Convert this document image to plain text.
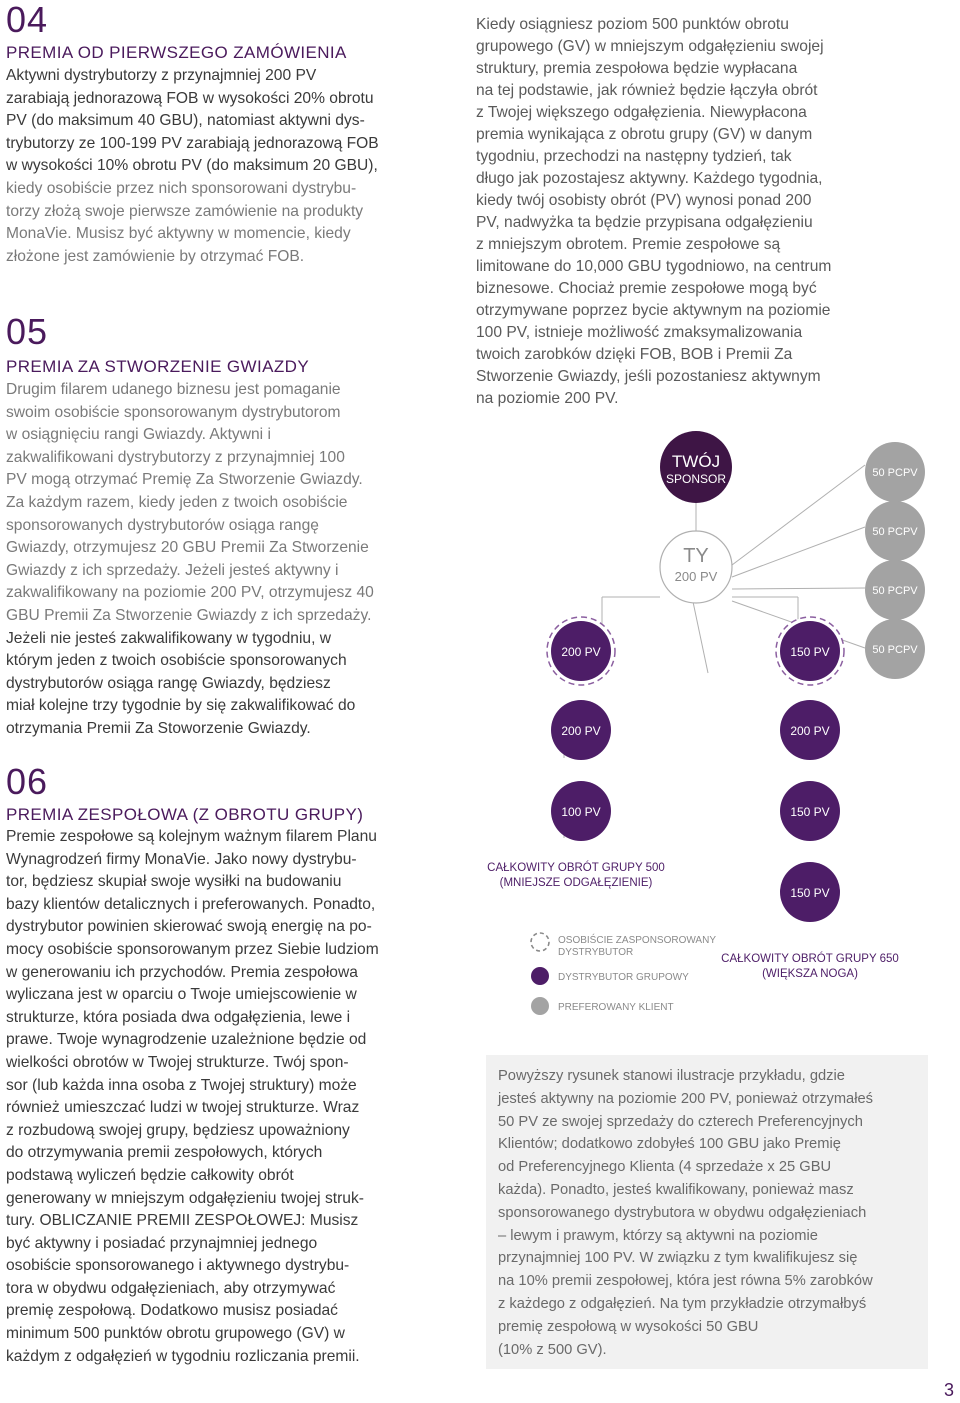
04
PREMIA OD PIERWSZEGO ZAMÓWIENIA
Aktywni dystrybutorzy z przynajmniej 200 PV
zarabiają jednorazową FOB w wysokości 20% obrotu
PV (do maksimum 40 GBU), natomiast aktywni dys-
trybutorzy ze 100-199 PV zarabiają jednorazową FOB
w wysokości 10% obrotu PV (do maksimum 20 GBU),
kiedy osobiście przez nich sponsorowani dystrybu-
torzy złożą swoje pierwsze zamówienie na produkty
MonaVie. Musisz być aktywny w momencie, kiedy
złożone jest zamówienie by otrzymać FOB.
05
PREMIA ZA STWORZENIE GWIAZDY
Drugim filarem udanego biznesu jest pomaganie
swoim osobiście sponsorowanym dystrybutorom
w osiągnięciu rangi Gwiazdy. Aktywni i
zakwalifikowani dystrybutorzy z przynajmniej 100
PV mogą otrzymać Premię Za Stworzenie Gwiazdy.
Za każdym razem, kiedy jeden z twoich osobiście
sponsorowanych dystrybutorów osiąga rangę
Gwiazdy, otrzymujesz 20 GBU Premii Za Stworzenie
Gwiazdy z ich sprzedaży. Jeżeli jesteś aktywny i
zakwalifikowany na poziomie 200 PV, otrzymujesz 40
GBU Premii Za Stworzenie Gwiazdy z ich sprzedaży.
Jeżeli nie jesteś zakwalifikowany w tygodniu, w
którym jeden z twoich osobiście sponsorowanych
dystrybutorów osiąga rangę Gwiazdy, będziesz
miał kolejne trzy tygodnie by się zakwalifikować do
otrzymania Premii Za Stoworzenie Gwiazdy.
06
PREMIA ZESPOŁOWA (Z OBROTU GRUPY)
Premie zespołowe są kolejnym ważnym filarem Planu
Wynagrodzeń firmy MonaVie. Jako nowy dystrybu-
tor, będziesz skupiał swoje wysiłki na budowaniu
bazy klientów detalicznych i preferowanych. Ponadto,
dystrybutor powinien skierować swoją energię na po-
mocy osobiście sponsorowanym przez Siebie ludziom
w generowaniu ich przychodów. Premia zespołowa
wyliczana jest w oparciu o Twoje umiejscowienie w
strukturze, która posiada dwa odgałęzienia, lewe i
prawe. Twoje wynagrodzenie uzależnione będzie od
wielkości obrotów w Twojej strukturze. Twój spon-
sor (lub każda inna osoba z Twojej struktury) może
również umieszczać ludzi w twojej strukturze. Wraz
z rozbudową swojej grupy, będziesz upoważniony
do otrzymywania premii zespołowych, których
podstawą wyliczeń będzie całkowity obrót
generowany w mniejszym odgałęzieniu twojej struk-
tury. OBLICZANIE PREMII ZESPOŁOWEJ: Musisz
być aktywny i posiadać przynajmniej jednego
osobiście sponsorowanego i aktywnego dystrybu-
tora w obydwu odgałęzieniach, aby otrzymywać
premię zespołową. Dodatkowo musisz posiadać
minimum 500 punktów obrotu grupowego (GV) w
każdym z odgałęzień w tygodniu rozliczania premii.
Kiedy osiągniesz poziom 500 punktów obrotu
grupowego (GV) w mniejszym odgałęzieniu swojej
struktury, premia zespołowa będzie wypłacana
na tej podstawie, jak również będzie łączyła obrót
z Twojej większego odgałęzienia. Niewypłacona
premia wynikająca z obrotu grupy (GV) w danym
tygodniu, przechodzi na następny tydzień, tak
długo jak pozostajesz aktywny. Każdego tygodnia,
kiedy twój osobisty obrót (PV) wynosi ponad 200
PV, nadwyżka ta będzie przypisana odgałęzieniu
z mniejszym obrotem. Premie zespołowe są
limitowane do 10,000 GBU tygodniowo, na centrum
biznesowe. Chociaż premie zespołowe mogą być
otrzymywane poprzez bycie aktywnym na poziomie
100 PV, istnieje możliwość zmaksymalizowania
twoich zarobków dzięki FOB, BOB i Premii Za
Stworzenie Gwiazdy, jeśli pozostaniesz aktywnym
na poziomie 200 PV.
TWÓJ
SPONSOR
TY
200 PV
200 PV
200 PV
100 PV
150 PV
200 PV
150 PV
150 PV
50 PCPV
50 PCPV
50 PCPV
50 PCPV
CAŁKOWITY OBRÓT GRUPY 500
(MNIEJSZE ODGAŁĘZIENIE)
CAŁKOWITY OBRÓT GRUPY 650
(WIĘKSZA NOGA)
OSOBIŚCIE ZASPONSOROWANY
DYSTRYBUTOR
DYSTRYBUTOR GRUPOWY
PREFEROWANY KLIENT
Powyższy rysunek stanowi ilustracje przykładu, gdzie
jesteś aktywny na poziomie 200 PV, ponieważ otrzymałeś
50 PV ze swojej sprzedaży do czterech Preferencyjnych
Klientów; dodatkowo zdobyłeś 100 GBU jako Premię
od Preferencyjnego Klienta (4 sprzedaże x 25 GBU
każda). Ponadto, jesteś kwalifikowany, ponieważ masz
sponsorowanego dystrybutora w obydwu odgałęzieniach
– lewym i prawym, którzy są aktywni na poziomie
przynajmniej 100 PV. W związku z tym kwalifikujesz się
na 10% premii zespołowej, która jest równa 5% zarobków
z każdego z odgałęzień. Na tym przykładzie otrzymałbyś
premię zespołową w wysokości 50 GBU
(10% z 500 GV).
3
